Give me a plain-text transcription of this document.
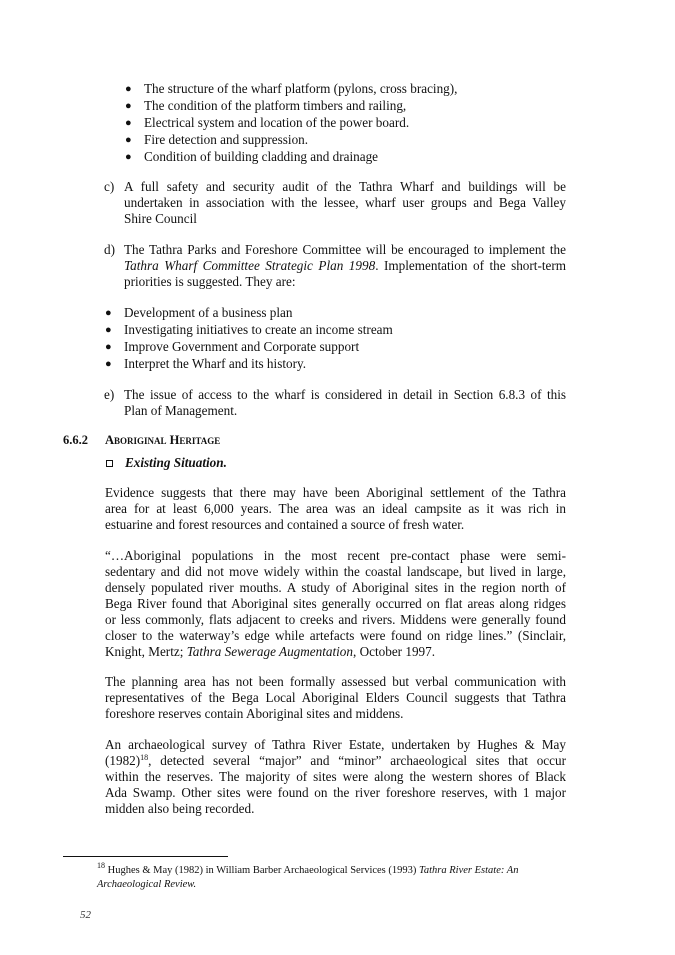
● The structure of the wharf platform (pylons, cross bracing),
● The condition of the platform timbers and railing,
● Electrical system and location of the power board.
● Fire detection and suppression.
● Condition of building cladding and drainage
c) A full safety and security audit of the Tathra Wharf and buildings will be
undertaken in association with the lessee, wharf user groups and Bega Valley
Shire Council
d) The Tathra Parks and Foreshore Committee will be encouraged to implement the
Tathra Wharf Committee Strategic Plan 1998. Implementation of the short-term
priorities is suggested. They are:
● Development of a business plan
● Investigating initiatives to create an income stream
● Improve Government and Corporate support
● Interpret the Wharf and its history.
e) The issue of access to the wharf is considered in detail in Section 6.8.3 of this
Plan of Management.
6.6.2 Aboriginal Heritage
Existing Situation.
Evidence suggests that there may have been Aboriginal settlement of the Tathra
area for at least 6,000 years. The area was an ideal campsite as it was rich in
estuarine and forest resources and contained a source of fresh water.
“…Aboriginal populations in the most recent pre-contact phase were semi-
sedentary and did not move widely within the coastal landscape, but lived in large,
densely populated river mouths. A study of Aboriginal sites in the region north of
Bega River found that Aboriginal sites generally occurred on flat areas along ridges
or less commonly, flats adjacent to creeks and rivers. Middens were generally found
closer to the waterway’s edge while artefacts were found on ridge lines.” (Sinclair,
Knight, Mertz; Tathra Sewerage Augmentation, October 1997.
The planning area has not been formally assessed but verbal communication with
representatives of the Bega Local Aboriginal Elders Council suggests that Tathra
foreshore reserves contain Aboriginal sites and middens.
An archaeological survey of Tathra River Estate, undertaken by Hughes & May
$(1982)^{18}$, detected several “major” and “minor” archaeological sites that occur
within the reserves. The majority of sites were along the western shores of Black
Ada Swamp. Other sites were found on the river foreshore reserves, with 1 major
midden also being recorded.
$^{18}$ Hughes & May (1982) in William Barber Archaeological Services (1993) Tathra River Estate: An
Archaeological Review.
52
